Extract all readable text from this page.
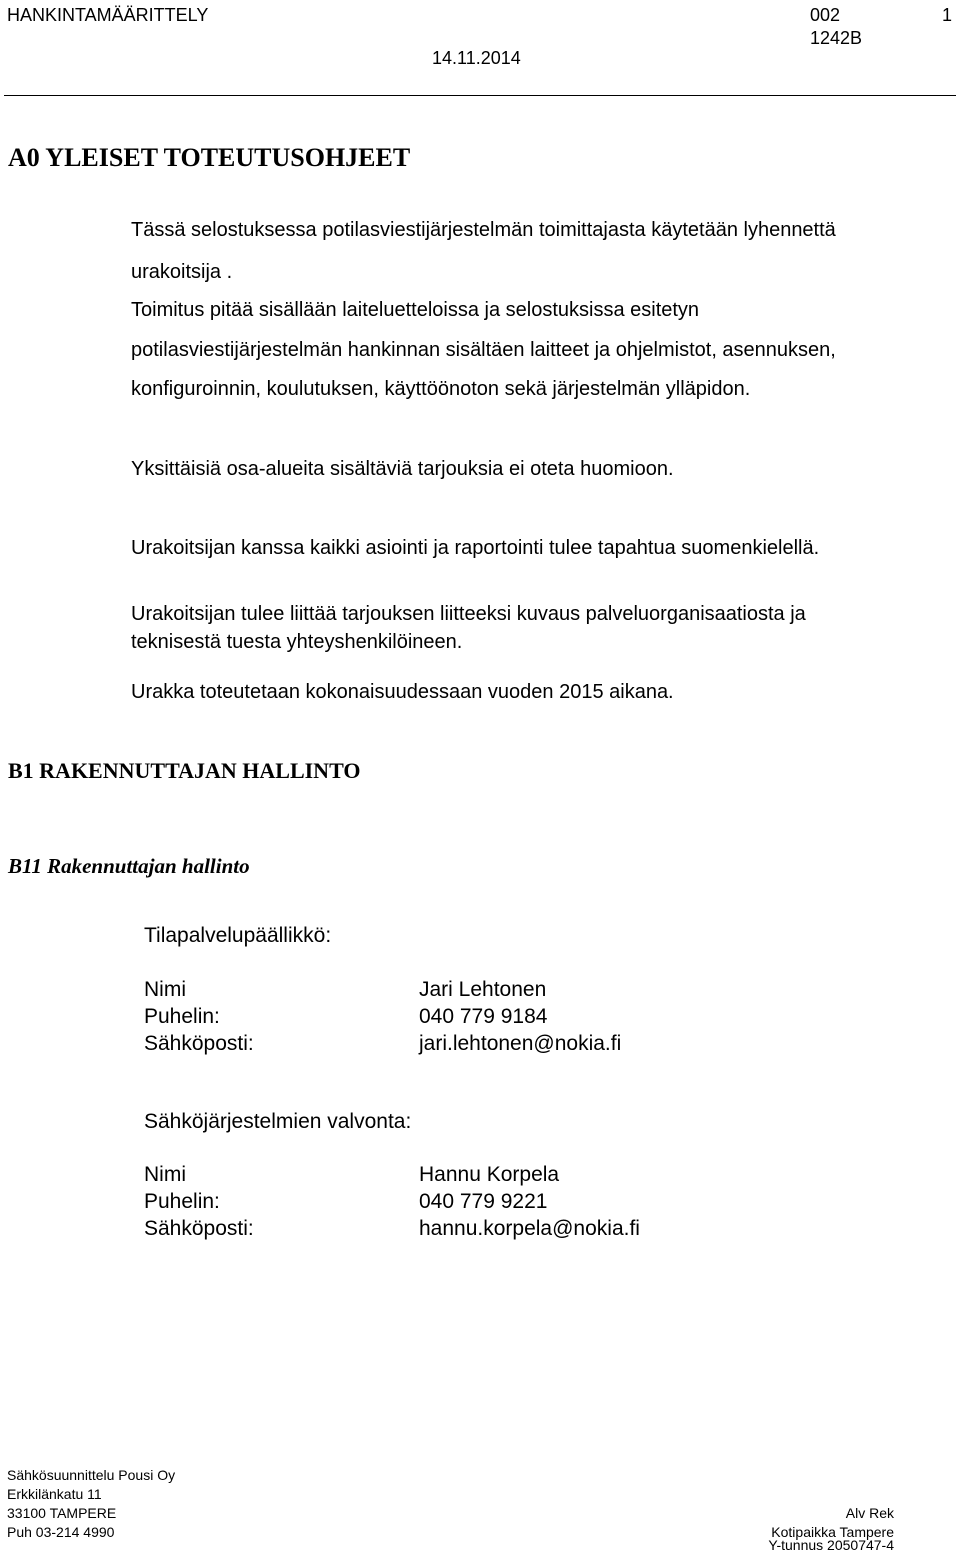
HANKINTAMÄÄRITTELY	002
1242B
1
14.11.2014
A0 YLEISET TOTEUTUSOHJEET
Tässä selostuksessa potilasviestijärjestelmän toimittajasta käytetään lyhennettä
urakoitsija .
Toimitus pitää sisällään laiteluetteloissa ja selostuksissa esitetyn
potilasviestijärjestelmän hankinnan sisältäen laitteet ja ohjelmistot, asennuksen,
konfiguroinnin, koulutuksen, käyttöönoton sekä järjestelmän ylläpidon.
Yksittäisiä osa-alueita sisältäviä tarjouksia ei oteta huomioon.
Urakoitsijan kanssa kaikki asiointi ja raportointi tulee tapahtua suomenkielellä.
Urakoitsijan tulee liittää tarjouksen liitteeksi kuvaus palveluorganisaatiosta ja
teknisestä tuesta yhteyshenkilöineen.
Urakka toteutetaan kokonaisuudessaan vuoden 2015 aikana.
B1 RAKENNUTTAJAN HALLINTO
B11 Rakennuttajan hallinto
Tilapalvelupäällikkö:
Nimi	Jari Lehtonen
Puhelin:	040 779 9184
Sähköposti:	jari.lehtonen@nokia.fi
Sähköjärjestelmien valvonta:
Nimi	Hannu Korpela
Puhelin:	040 779 9221
Sähköposti:	hannu.korpela@nokia.fi
Sähkösuunnittelu Pousi Oy
Erkkilänkatu 11
33100 TAMPERE
Puh 03-214 4990
Alv Rek
Kotipaikka Tampere
Y-tunnus 2050747-4
